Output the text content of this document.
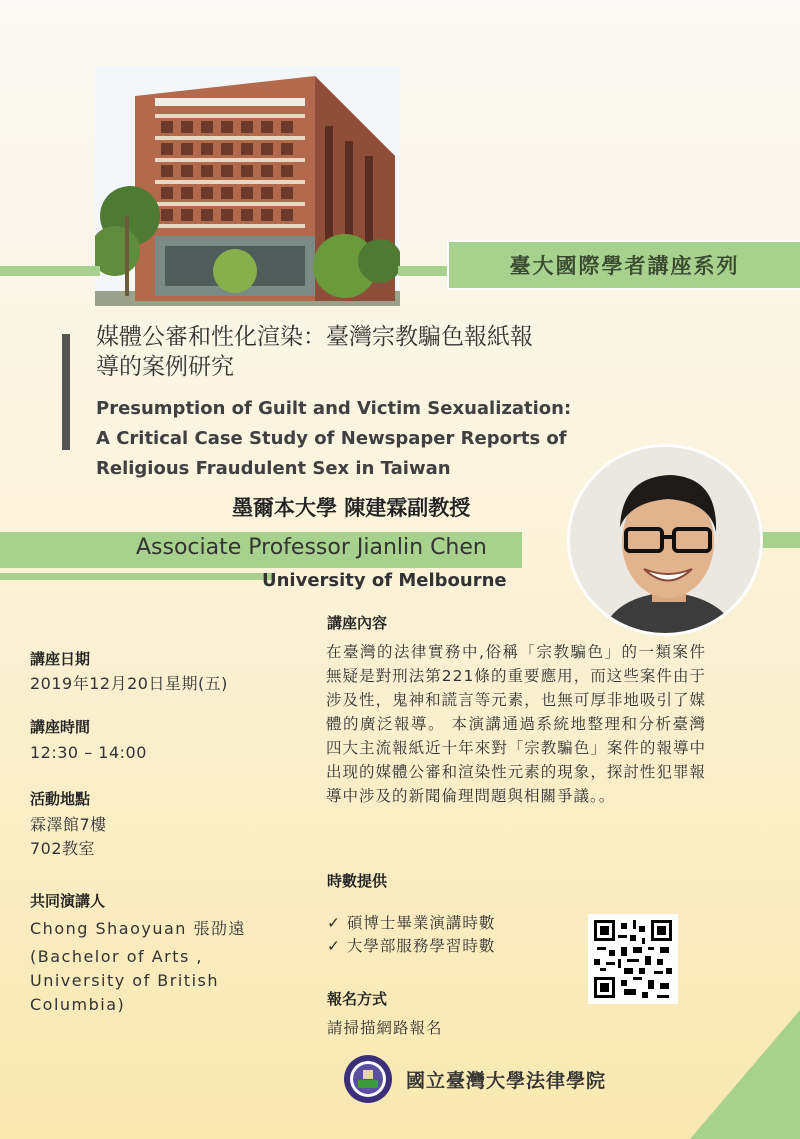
臺大國際學者講座系列
媒體公審和性化渲染：臺灣宗教騙色報紙報
導的案例研究
Presumption of Guilt and Victim Sexualization:
A Critical Case Study of Newspaper Reports of
Religious Fraudulent Sex in Taiwan
墨爾本大學 陳建霖副教授
Associate Professor Jianlin Chen
University of Melbourne
講座日期
2019年12月20日星期(五)
講座時間
12:30 – 14:00
活動地點
霖澤館7樓
702教室
共同演講人
Chong Shaoyuan 張劭遠
(Bachelor of Arts ,
University of British
Columbia)
講座內容
在臺灣的法律實務中,俗稱「宗教騙色」的一類案件無疑是對刑法第221條的重要應用，而这些案件由于涉及性，鬼神和謊言等元素，也無可厚非地吸引了媒體的廣泛報導。 本演講通過系統地整理和分析臺灣四大主流報紙近十年來對「宗教騙色」案件的報導中出现的媒體公審和渲染性元素的現象，探討性犯罪報導中涉及的新聞倫理問題與相關爭議。。
時數提供
✓ 碩博士畢業演講時數
✓ 大學部服務學習時數
報名方式
請掃描網路報名
國立臺灣大學法律學院
